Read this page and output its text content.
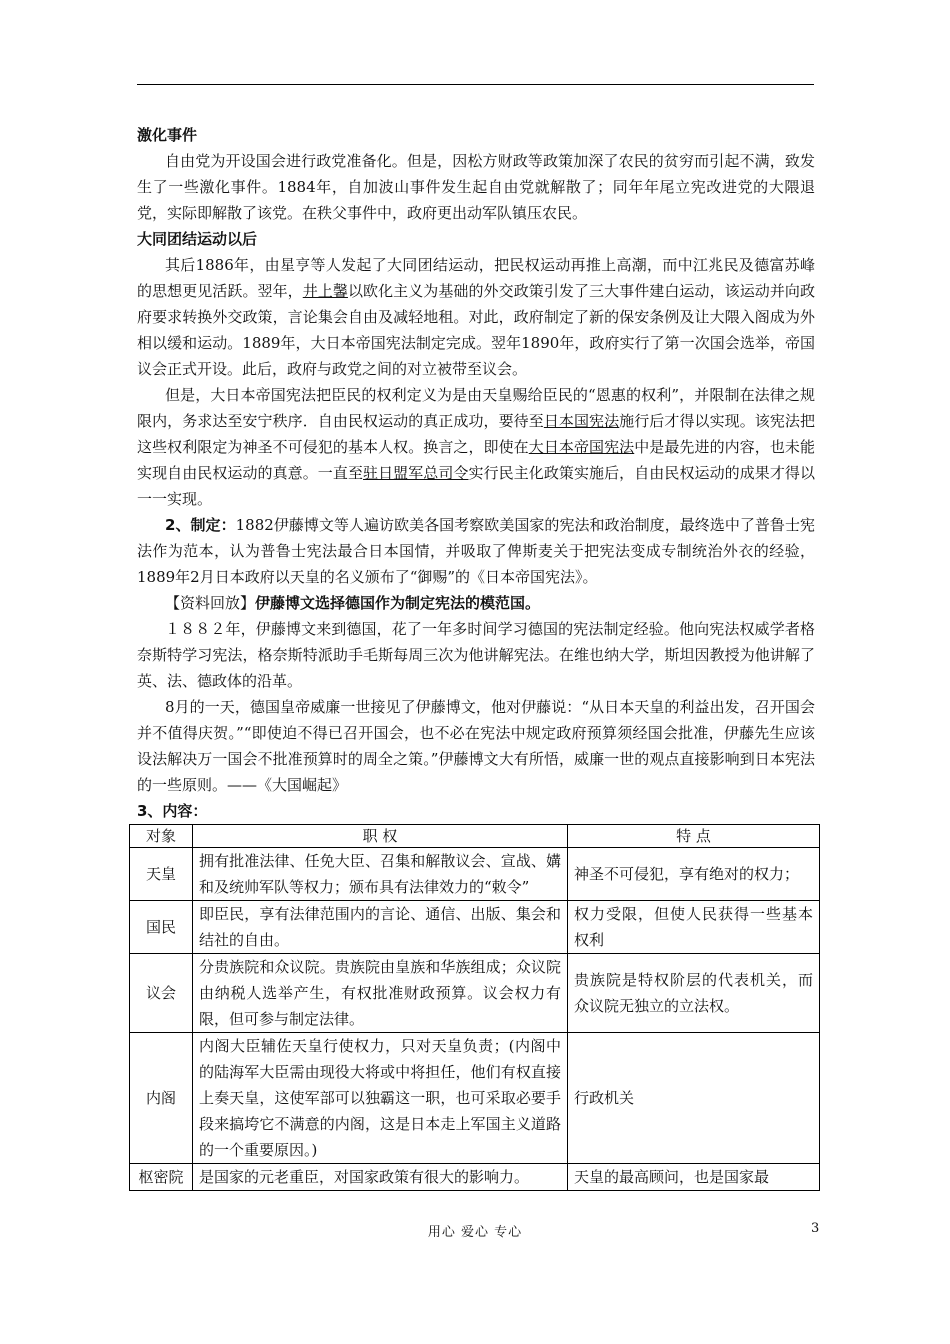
激化事件

自由党为开设国会进行政党准备化。但是，因松方财政等政策加深了农民的贫穷而引起不满，致发生了一些激化事件。1884年，自加波山事件发生起自由党就解散了；同年年尾立宪改进党的大隈退党，实际即解散了该党。在秩父事件中，政府更出动军队镇压农民。

大同团结运动以后

其后1886年，由星亨等人发起了大同团结运动，把民权运动再推上高潮，而中江兆民及德富苏峰的思想更见活跃。翌年，井上馨以欧化主义为基础的外交政策引发了三大事件建白运动，该运动并向政府要求转换外交政策，言论集会自由及减轻地租。对此，政府制定了新的保安条例及让大隈入阁成为外相以缓和运动。1889年，大日本帝国宪法制定完成。翌年1890年，政府实行了第一次国会选举，帝国议会正式开设。此后，政府与政党之间的对立被带至议会。

但是，大日本帝国宪法把臣民的权利定义为是由天皇赐给臣民的“恩惠的权利”，并限制在法律之规限内，务求达至安宁秩序．自由民权运动的真正成功，要待至日本国宪法施行后才得以实现。该宪法把这些权利限定为神圣不可侵犯的基本人权。换言之，即使在大日本帝国宪法中是最先进的内容，也未能实现自由民权运动的真意。一直至驻日盟军总司令实行民主化政策实施后，自由民权运动的成果才得以一一实现。

2、制定：1882伊藤博文等人遍访欧美各国考察欧美国家的宪法和政治制度，最终选中了普鲁士宪法作为范本，认为普鲁士宪法最合日本国情，并吸取了俾斯麦关于把宪法变成专制统治外衣的经验，1889年2月日本政府以天皇的名义颁布了“御赐”的《日本帝国宪法》。

【资料回放】伊藤博文选择德国作为制定宪法的模范国。

１８８２年，伊藤博文来到德国，花了一年多时间学习德国的宪法制定经验。他向宪法权威学者格奈斯特学习宪法，格奈斯特派助手毛斯每周三次为他讲解宪法。在维也纳大学，斯坦因教授为他讲解了英、法、德政体的沿革。

8月的一天，德国皇帝威廉一世接见了伊藤博文，他对伊藤说：“从日本天皇的利益出发，召开国会并不值得庆贺。”“即使迫不得已召开国会，也不必在宪法中规定政府预算须经国会批准，伊藤先生应该设法解决万一国会不批准预算时的周全之策。”伊藤博文大有所悟，威廉一世的观点直接影响到日本宪法的一些原则。——《大国崛起》

3、内容：

对象	职 权	特 点
天皇	拥有批准法律、任免大臣、召集和解散议会、宣战、媾和及统帅军队等权力；颁布具有法律效力的“敕令”	神圣不可侵犯，享有绝对的权力；
国民	即臣民，享有法律范围内的言论、通信、出版、集会和结社的自由。	权力受限，但使人民获得一些基本权利
议会	分贵族院和众议院。贵族院由皇族和华族组成；众议院由纳税人选举产生，有权批准财政预算。议会权力有限，但可参与制定法律。	贵族院是特权阶层的代表机关，而众议院无独立的立法权。
内阁	内阁大臣辅佐天皇行使权力，只对天皇负责；(内阁中的陆海军大臣需由现役大将或中将担任，他们有权直接上奏天皇，这使军部可以独霸这一职，也可采取必要手段来搞垮它不满意的内阁，这是日本走上军国主义道路的一个重要原因。)	行政机关
枢密院	是国家的元老重臣，对国家政策有很大的影响力。	天皇的最高顾问，也是国家最
用心 爱心 专心	3
